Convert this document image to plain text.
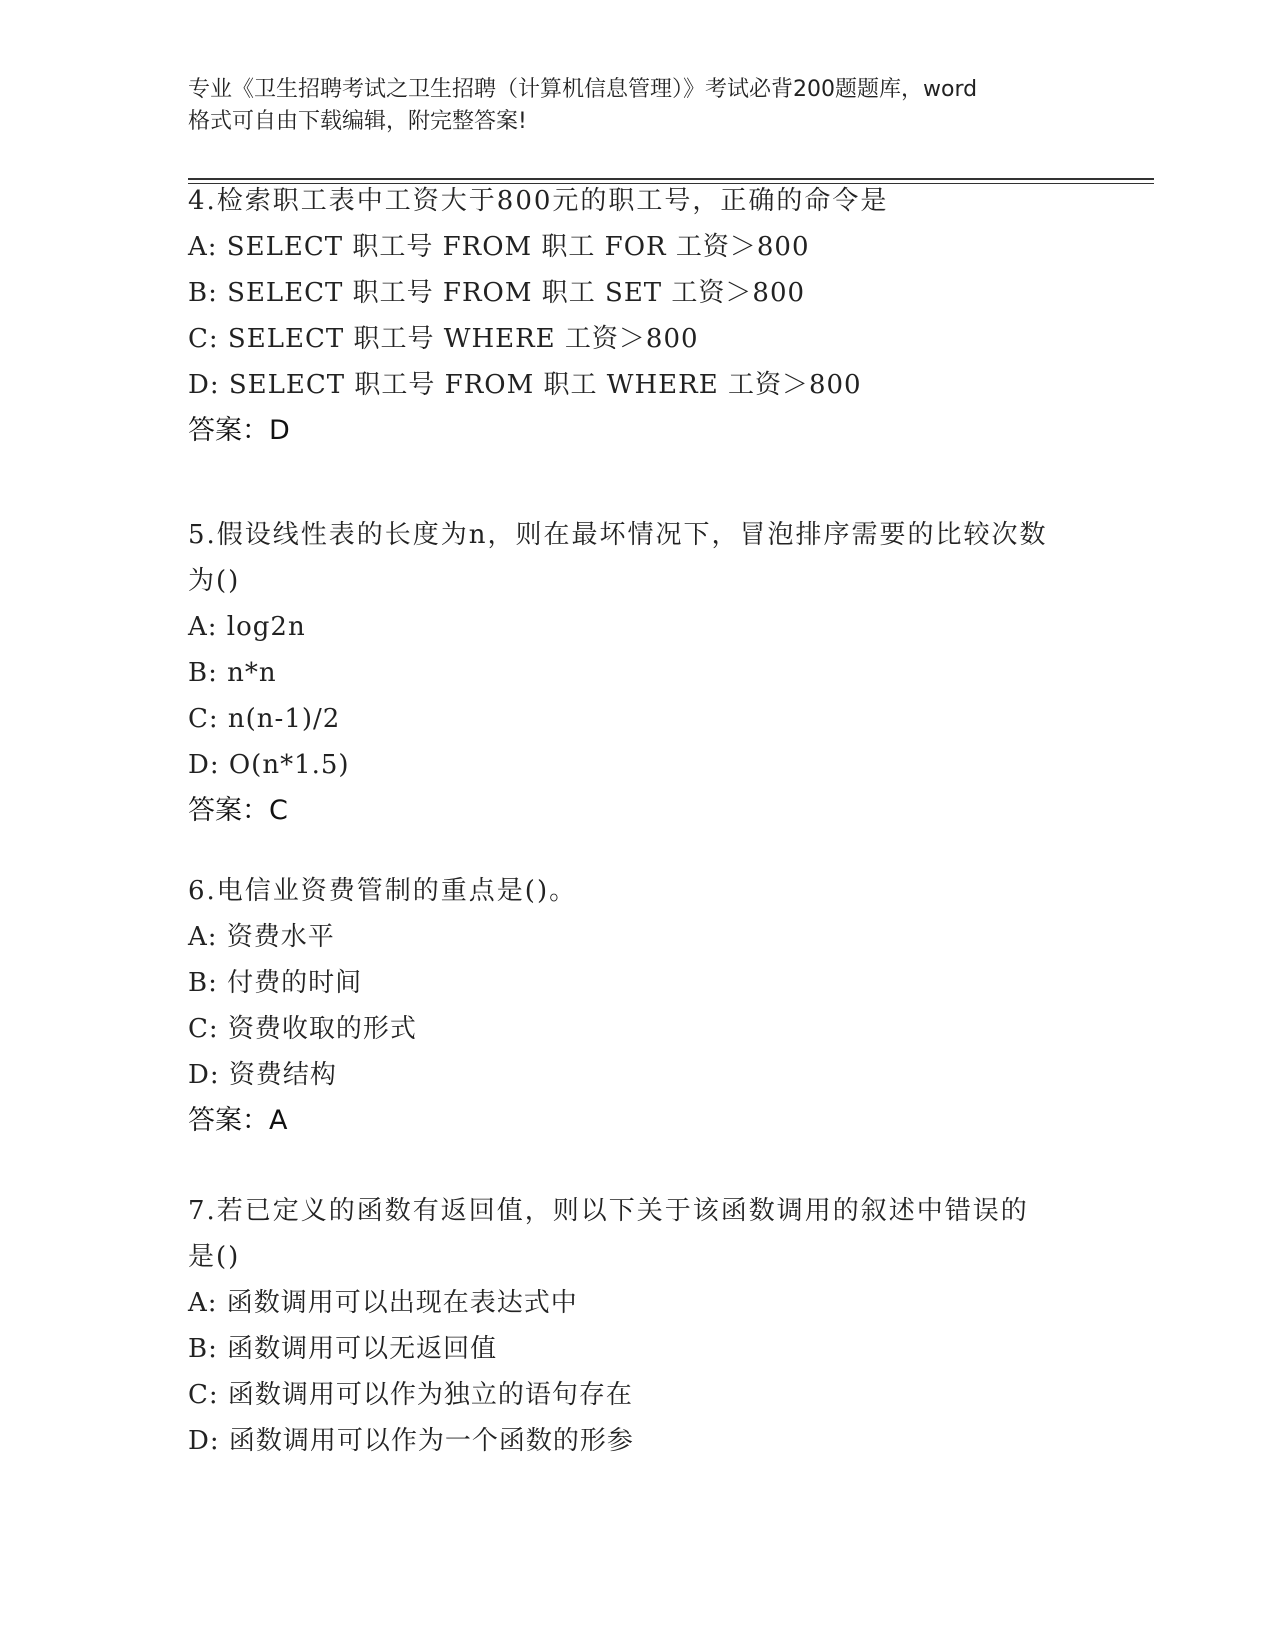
专业《卫生招聘考试之卫生招聘（计算机信息管理）》考试必背200题题库，word
格式可自由下载编辑，附完整答案!

4.检索职工表中工资大于800元的职工号，正确的命令是

A: SELECT 职工号 FROM 职工 FOR 工资＞800

B: SELECT 职工号 FROM 职工 SET 工资＞800

C: SELECT 职工号 WHERE 工资＞800

D: SELECT 职工号 FROM 职工 WHERE 工资＞800

答案：D

5.假设线性表的长度为n，则在最坏情况下，冒泡排序需要的比较次数为()

A: log2n

B: n*n

C: n(n-1)/2

D: O(n*1.5)

答案：C

6.电信业资费管制的重点是()。

A: 资费水平

B: 付费的时间

C: 资费收取的形式

D: 资费结构

答案：A

7.若已定义的函数有返回值，则以下关于该函数调用的叙述中错误的是()

A: 函数调用可以出现在表达式中

B: 函数调用可以无返回值

C: 函数调用可以作为独立的语句存在

D: 函数调用可以作为一个函数的形参
